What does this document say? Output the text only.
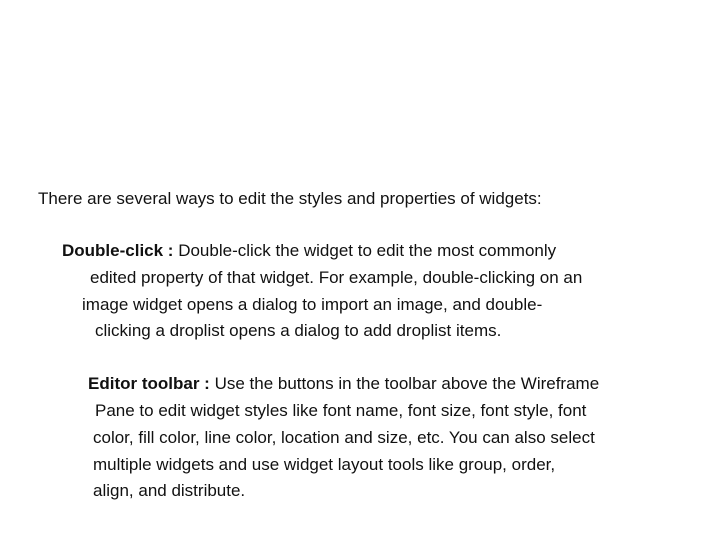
There are several ways to edit the styles and properties of widgets:
Double-click : Double-click the widget to edit the most commonly
edited property of that widget. For example, double-clicking on an
image widget opens a dialog to import an image, and double-
clicking a droplist opens a dialog to add droplist items.
Editor toolbar : Use the buttons in the toolbar above the Wireframe
Pane to edit widget styles like font name, font size, font style, font
color, fill color, line color, location and size, etc. You can also select
multiple widgets and use widget layout tools like group, order,
align, and distribute.
